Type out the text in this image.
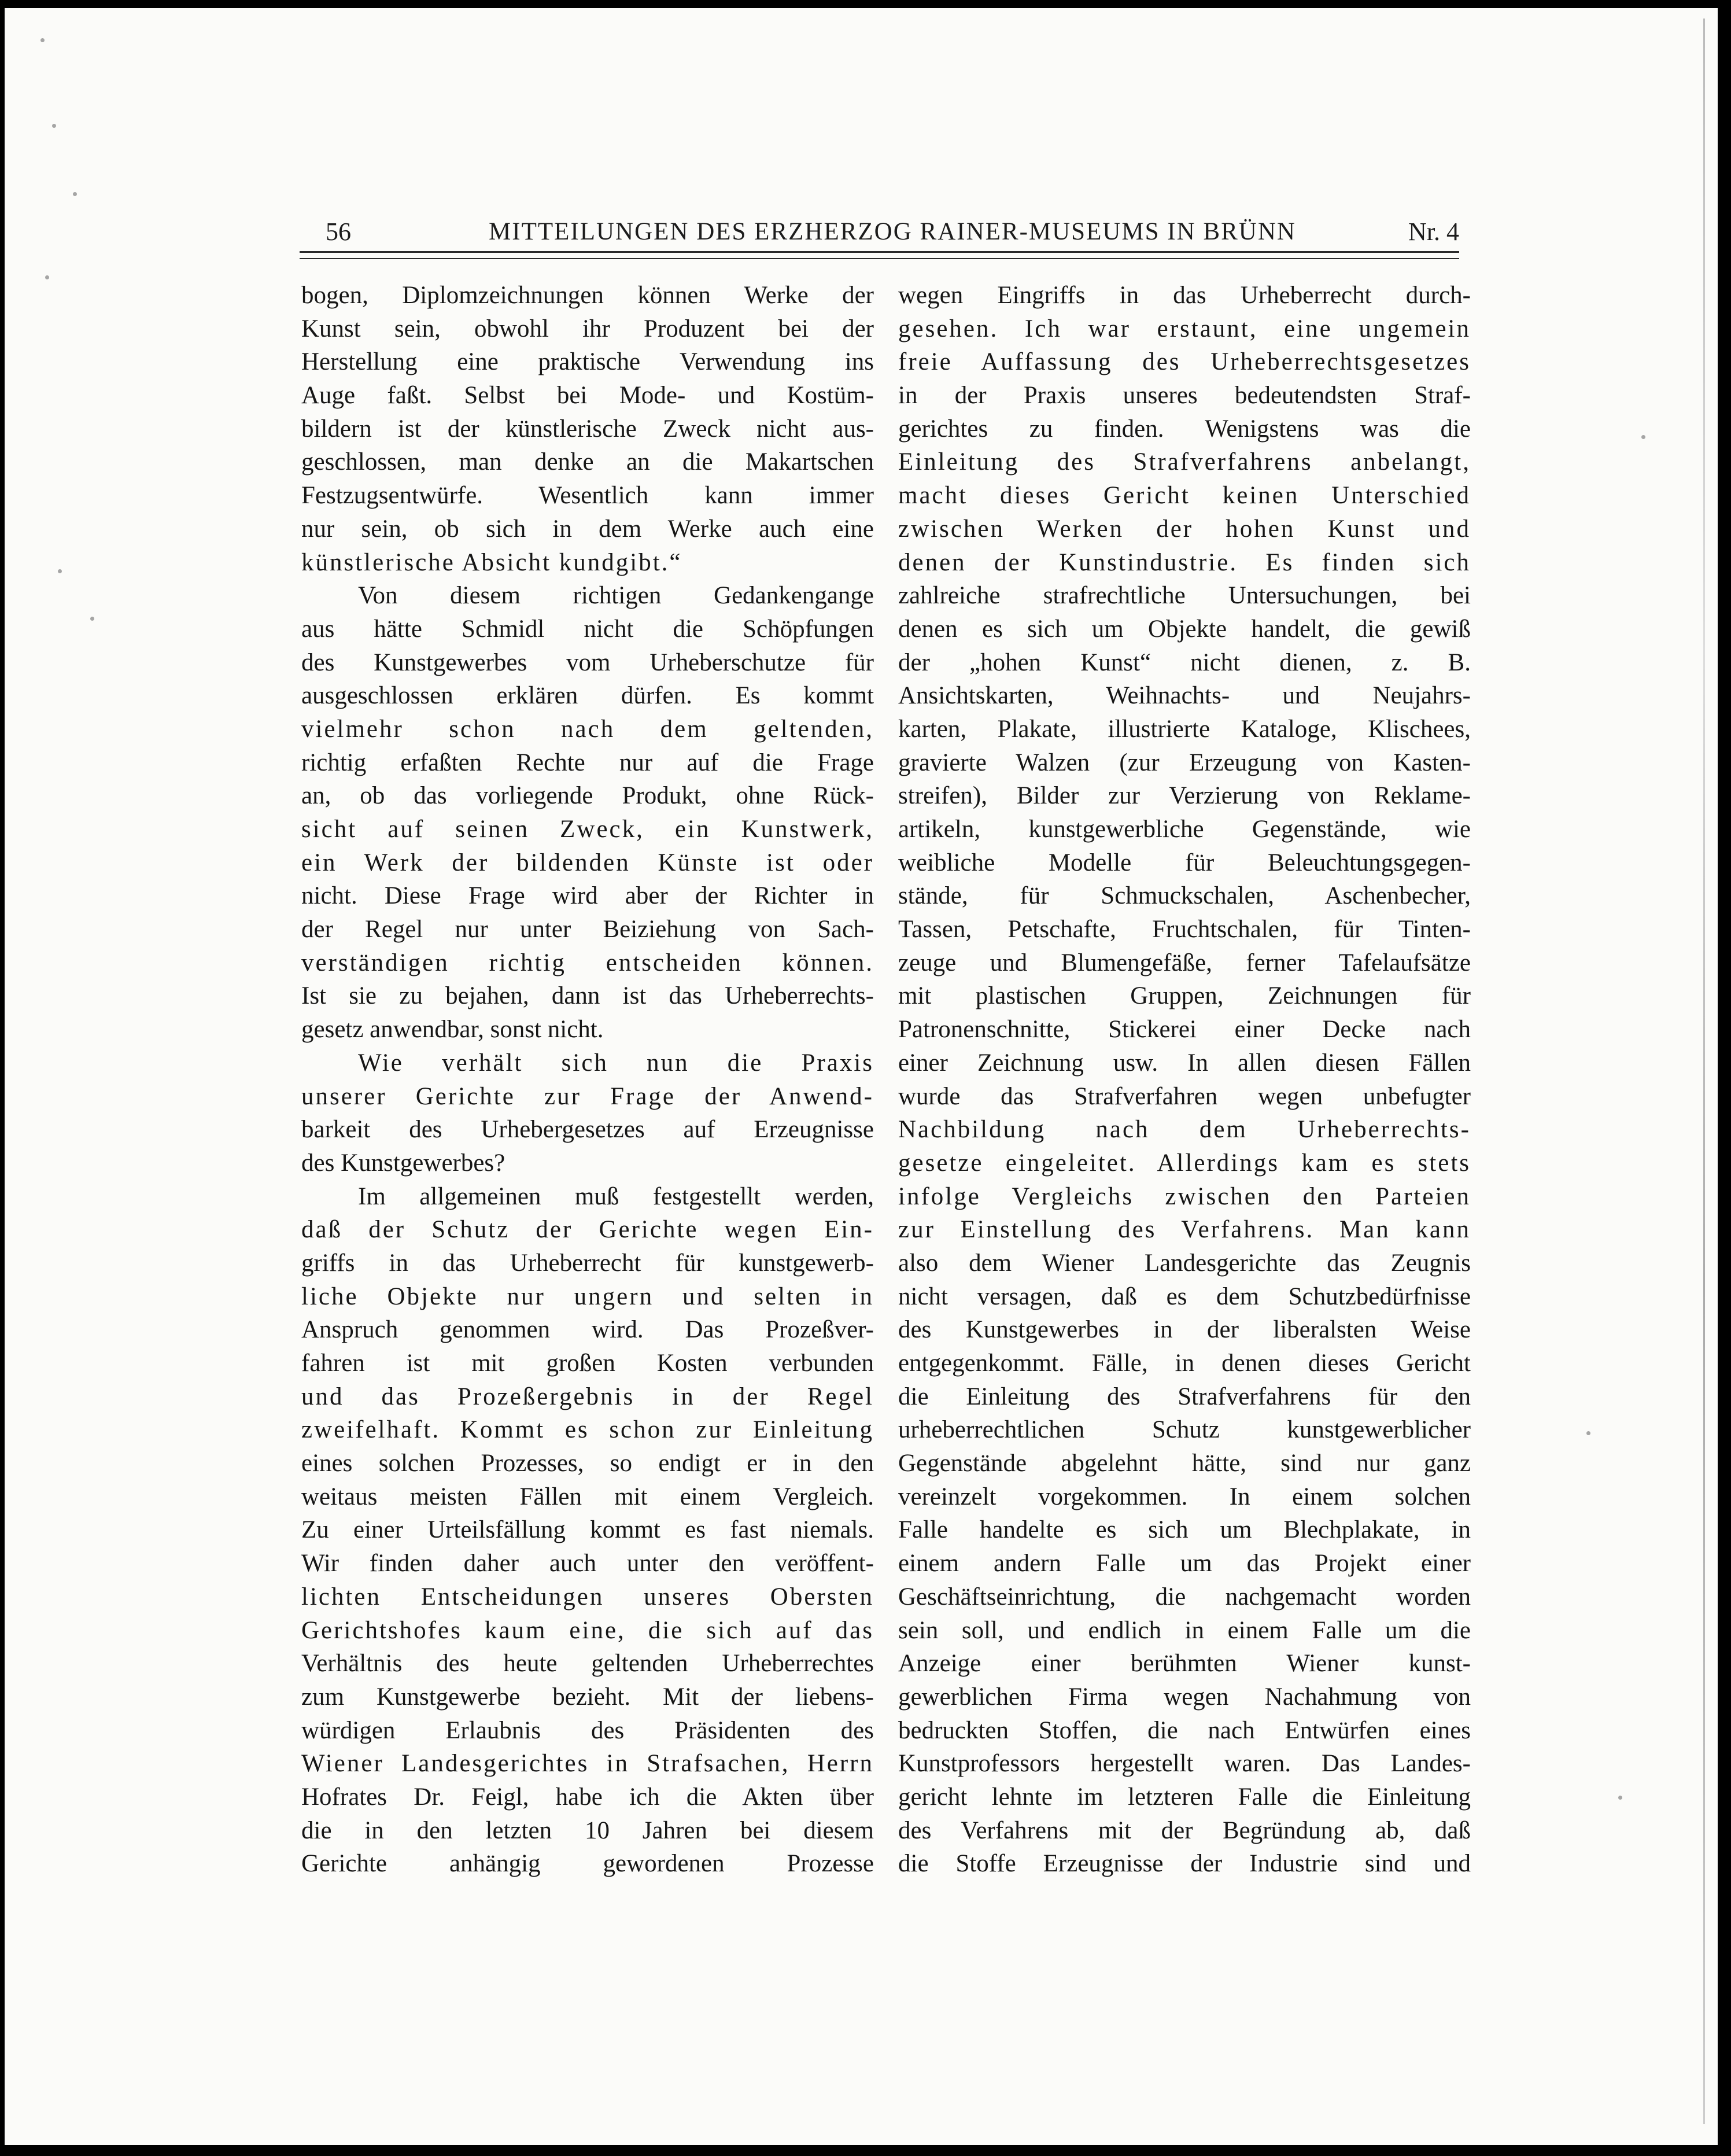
56	MITTEILUNGEN DES ERZHERZOG RAINER-MUSEUMS IN BRÜNN	Nr. 4
bogen, Diplomzeichnungen können Werke der
Kunst sein, obwohl ihr Produzent bei der
Herstellung eine praktische Verwendung ins
Auge faßt. Selbst bei Mode- und Kostüm-
bildern ist der künstlerische Zweck nicht aus-
geschlossen, man denke an die Makartschen
Festzugsentwürfe. Wesentlich kann immer
nur sein, ob sich in dem Werke auch eine
künstlerische Absicht kundgibt.“
Von diesem richtigen Gedankengange
aus hätte Schmidl nicht die Schöpfungen
des Kunstgewerbes vom Urheberschutze für
ausgeschlossen erklären dürfen. Es kommt
vielmehr schon nach dem geltenden,
richtig erfaßten Rechte nur auf die Frage
an, ob das vorliegende Produkt, ohne Rück-
sicht auf seinen Zweck, ein Kunstwerk,
ein Werk der bildenden Künste ist oder
nicht. Diese Frage wird aber der Richter in
der Regel nur unter Beiziehung von Sach-
verständigen richtig entscheiden können.
Ist sie zu bejahen, dann ist das Urheberrechts-
gesetz anwendbar, sonst nicht.
Wie verhält sich nun die Praxis
unserer Gerichte zur Frage der Anwend-
barkeit des Urhebergesetzes auf Erzeugnisse
des Kunstgewerbes?
Im allgemeinen muß festgestellt werden,
daß der Schutz der Gerichte wegen Ein-
griffs in das Urheberrecht für kunstgewerb-
liche Objekte nur ungern und selten in
Anspruch genommen wird. Das Prozeßver-
fahren ist mit großen Kosten verbunden
und das Prozeßergebnis in der Regel
zweifelhaft. Kommt es schon zur Einleitung
eines solchen Prozesses, so endigt er in den
weitaus meisten Fällen mit einem Vergleich.
Zu einer Urteilsfällung kommt es fast niemals.
Wir finden daher auch unter den veröffent-
lichten Entscheidungen unseres Obersten
Gerichtshofes kaum eine, die sich auf das
Verhältnis des heute geltenden Urheberrechtes
zum Kunstgewerbe bezieht. Mit der liebens-
würdigen Erlaubnis des Präsidenten des
Wiener Landesgerichtes in Strafsachen, Herrn
Hofrates Dr. Feigl, habe ich die Akten über
die in den letzten 10 Jahren bei diesem
Gerichte anhängig gewordenen Prozesse
wegen Eingriffs in das Urheberrecht durch-
gesehen. Ich war erstaunt, eine ungemein
freie Auffassung des Urheberrechtsgesetzes
in der Praxis unseres bedeutendsten Straf-
gerichtes zu finden. Wenigstens was die
Einleitung des Strafverfahrens anbelangt,
macht dieses Gericht keinen Unterschied
zwischen Werken der hohen Kunst und
denen der Kunstindustrie. Es finden sich
zahlreiche strafrechtliche Untersuchungen, bei
denen es sich um Objekte handelt, die gewiß
der „hohen Kunst“ nicht dienen, z. B.
Ansichtskarten, Weihnachts- und Neujahrs-
karten, Plakate, illustrierte Kataloge, Klischees,
gravierte Walzen (zur Erzeugung von Kasten-
streifen), Bilder zur Verzierung von Reklame-
artikeln, kunstgewerbliche Gegenstände, wie
weibliche Modelle für Beleuchtungsgegen-
stände, für Schmuckschalen, Aschenbecher,
Tassen, Petschafte, Fruchtschalen, für Tinten-
zeuge und Blumengefäße, ferner Tafelaufsätze
mit plastischen Gruppen, Zeichnungen für
Patronenschnitte, Stickerei einer Decke nach
einer Zeichnung usw. In allen diesen Fällen
wurde das Strafverfahren wegen unbefugter
Nachbildung nach dem Urheberrechts-
gesetze eingeleitet. Allerdings kam es stets
infolge Vergleichs zwischen den Parteien
zur Einstellung des Verfahrens. Man kann
also dem Wiener Landesgerichte das Zeugnis
nicht versagen, daß es dem Schutzbedürfnisse
des Kunstgewerbes in der liberalsten Weise
entgegenkommt. Fälle, in denen dieses Gericht
die Einleitung des Strafverfahrens für den
urheberrechtlichen Schutz kunstgewerblicher
Gegenstände abgelehnt hätte, sind nur ganz
vereinzelt vorgekommen. In einem solchen
Falle handelte es sich um Blechplakate, in
einem andern Falle um das Projekt einer
Geschäftseinrichtung, die nachgemacht worden
sein soll, und endlich in einem Falle um die
Anzeige einer berühmten Wiener kunst-
gewerblichen Firma wegen Nachahmung von
bedruckten Stoffen, die nach Entwürfen eines
Kunstprofessors hergestellt waren. Das Landes-
gericht lehnte im letzteren Falle die Einleitung
des Verfahrens mit der Begründung ab, daß
die Stoffe Erzeugnisse der Industrie sind und
